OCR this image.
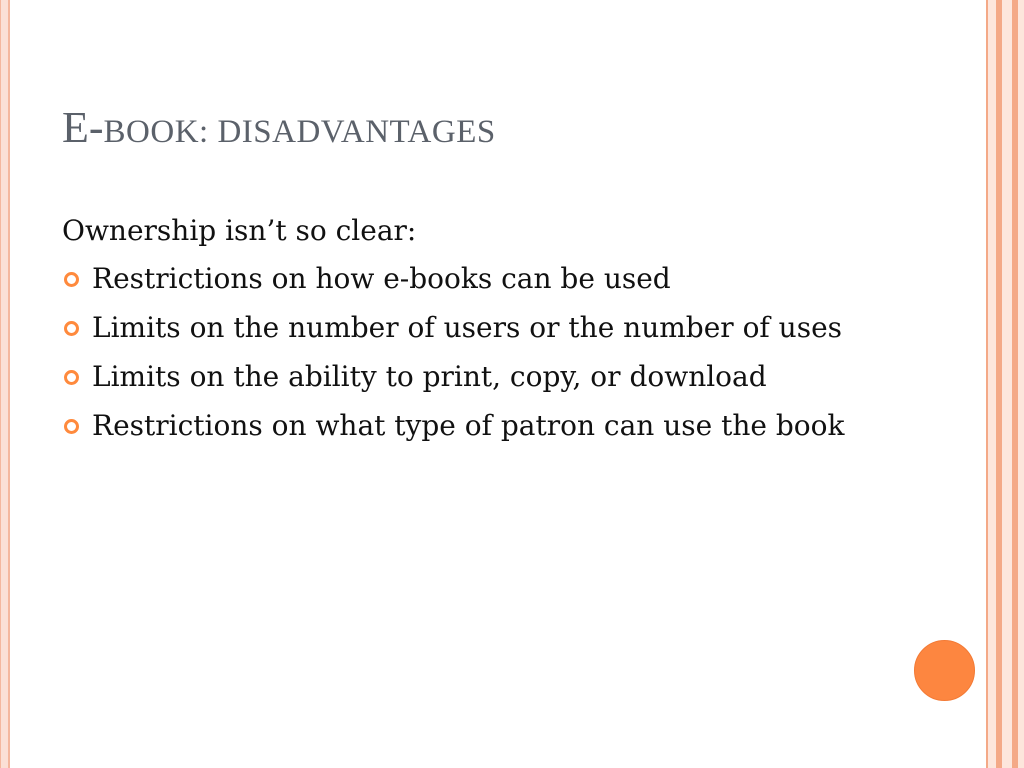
E-BOOK: DISADVANTAGES

Ownership isn’t so clear:

Restrictions on how e-books can be used
Limits on the number of users or the number of uses
Limits on the ability to print, copy, or download
Restrictions on what type of patron can use the book
